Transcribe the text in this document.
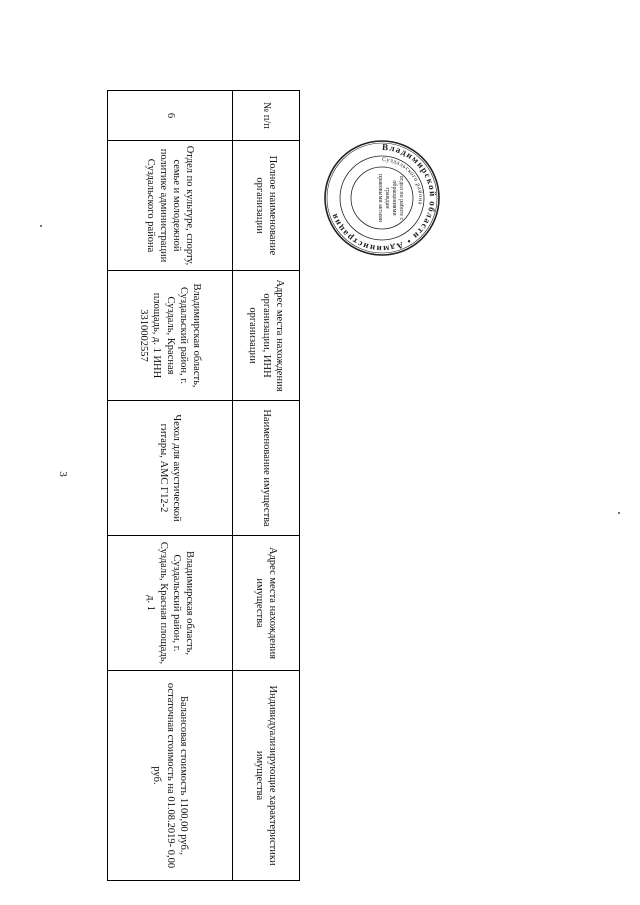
3
№ п/п	Полное наименование организации	Адрес места нахождения организации, ИНН организации	Наименование имущества	Адрес места нахождения имущества	Индивидуализирующие характеристики имущества
6	Отдел по культуре, спорту, семье и молодежной политике администрации Суздальского района	Владимирская область, Суздальский район, г. Суздаль, Красная площадь, д. 1 ИНН 3310002557	Чехол для акустической гитары, АМС Г12-2	Владимирская область, Суздальский район, г. Суздаль, Красная площадь, д. 1	Балансовая стоимость 1100,00 руб., остаточная стоимость на 01.08.2019- 0,00 руб.
Владимирской области • Администрация
Суздальского района
отдел по работе с обращениями граждан правовыми актами
